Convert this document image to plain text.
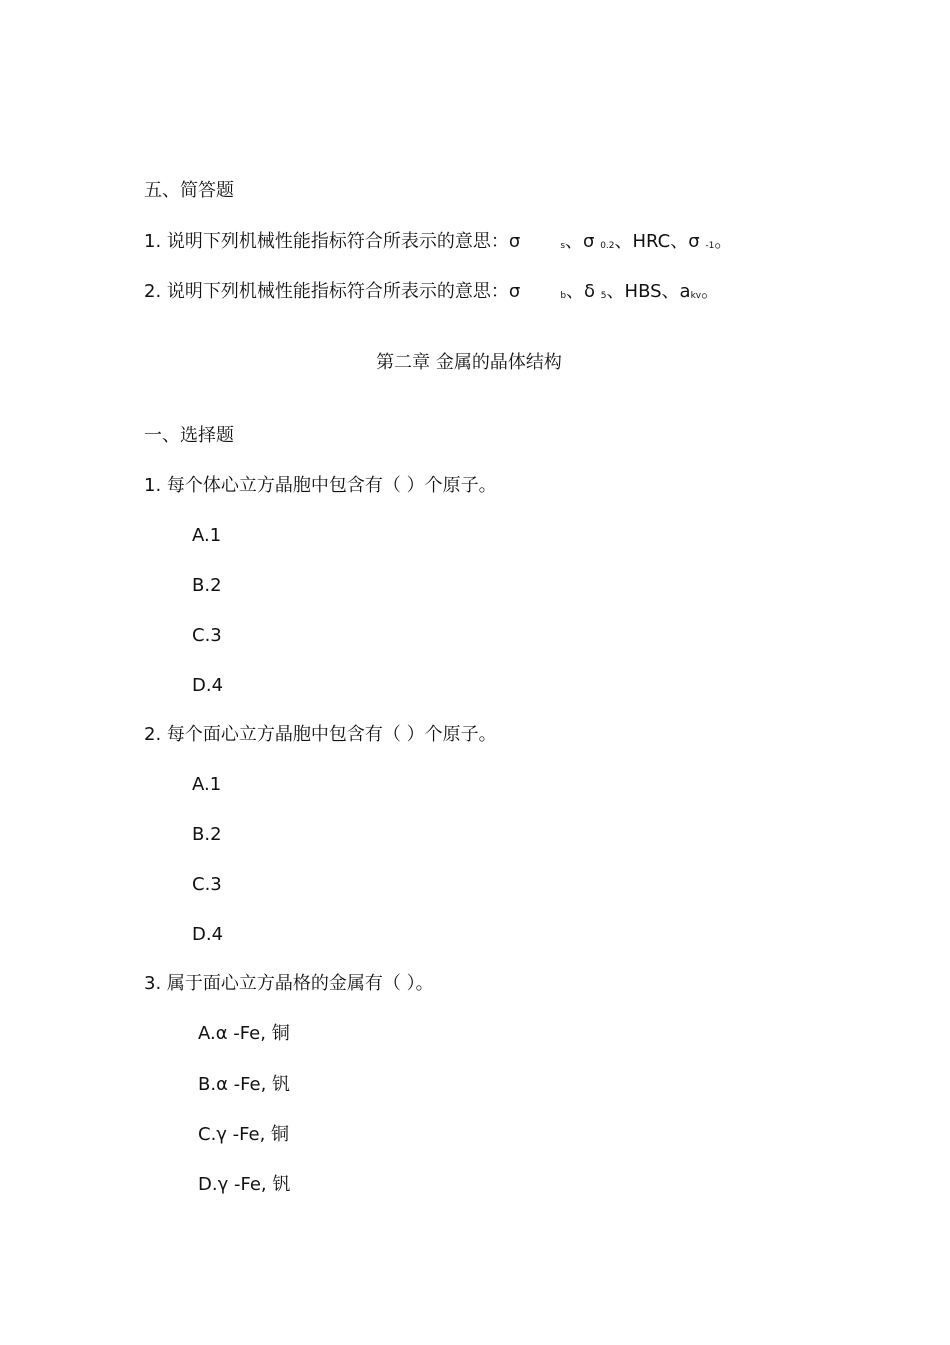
五、简答题
1. 说明下列机械性能指标符合所表示的意思：σ	s、σ 0.2、HRC、σ -1。
2. 说明下列机械性能指标符合所表示的意思：σ	b、δ 5、HBS、akv。
第二章 金属的晶体结构
一、选择题
1. 每个体心立方晶胞中包含有（ ）个原子。
A.1
B.2
C.3
D.4
2. 每个面心立方晶胞中包含有（ ）个原子。
A.1
B.2
C.3
D.4
3. 属于面心立方晶格的金属有（ ）。
A.α -Fe, 铜
B.α -Fe, 钒
C.γ -Fe, 铜
D.γ -Fe, 钒
